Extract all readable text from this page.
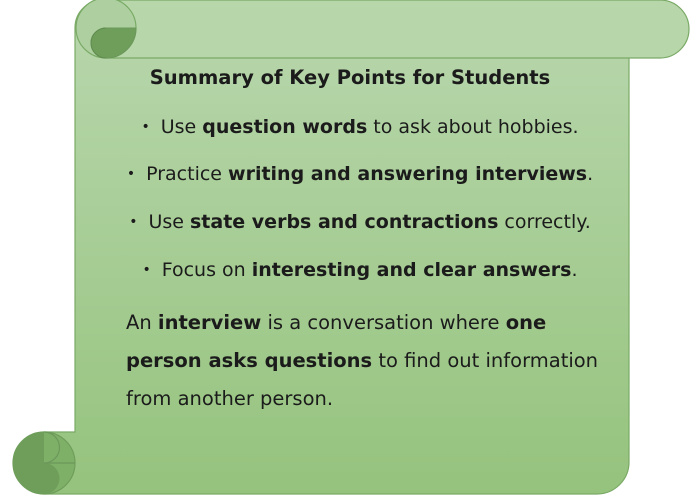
Summary of Key Points for Students
• Use question words to ask about hobbies.
• Practice writing and answering interviews.
• Use state verbs and contractions correctly.
• Focus on interesting and clear answers.
An interview is a conversation where one person asks questions to find out information from another person.
